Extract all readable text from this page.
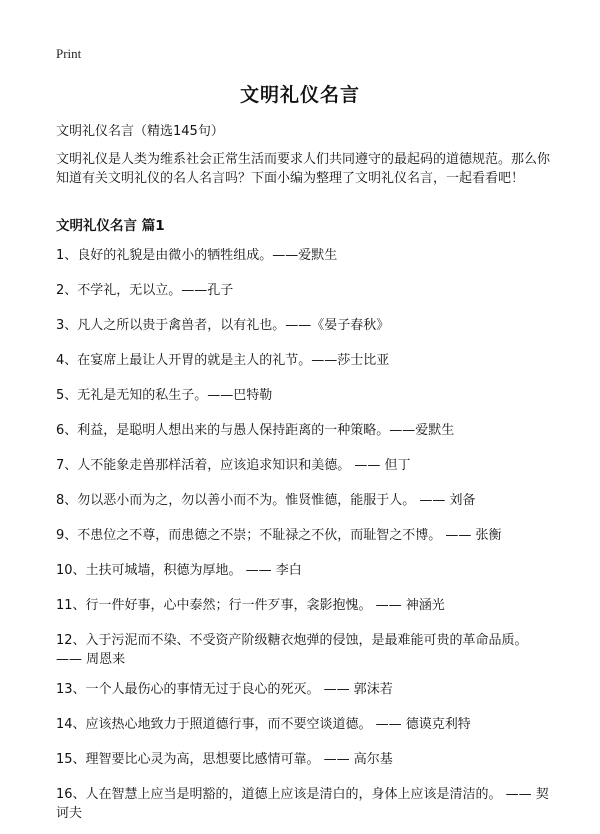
Print
文明礼仪名言
文明礼仪名言（精选145句）

文明礼仪是人类为维系社会正常生活而要求人们共同遵守的最起码的道德规范。那么你知道有关文明礼仪的名人名言吗？下面小编为整理了文明礼仪名言，一起看看吧！

文明礼仪名言 篇1
1、良好的礼貌是由微小的牺牲组成。——爱默生
2、不学礼，无以立。——孔子
3、凡人之所以贵于禽兽者，以有礼也。——《晏子春秋》
4、在宴席上最让人开胃的就是主人的礼节。——莎士比亚
5、无礼是无知的私生子。——巴特勒
6、利益，是聪明人想出来的与愚人保持距离的一种策略。——爱默生
7、人不能象走兽那样活着，应该追求知识和美德。 —— 但丁
8、勿以恶小而为之，勿以善小而不为。惟贤惟德，能服于人。 —— 刘备
9、不患位之不尊，而患德之不崇；不耻禄之不伙，而耻智之不博。 —— 张衡
10、土扶可城墙，积德为厚地。 —— 李白
11、行一件好事，心中泰然；行一件歹事，衾影抱愧。 —— 神涵光
12、入于污泥而不染、不受资产阶级糖衣炮弹的侵蚀，是最难能可贵的革命品质。 —— 周恩来
13、一个人最伤心的事情无过于良心的死灭。 —— 郭沫若
14、应该热心地致力于照道德行事，而不要空谈道德。 —— 德谟克利特
15、理智要比心灵为高，思想要比感情可靠。 —— 高尔基
16、人在智慧上应当是明豁的，道德上应该是清白的，身体上应该是清洁的。 —— 契诃夫
